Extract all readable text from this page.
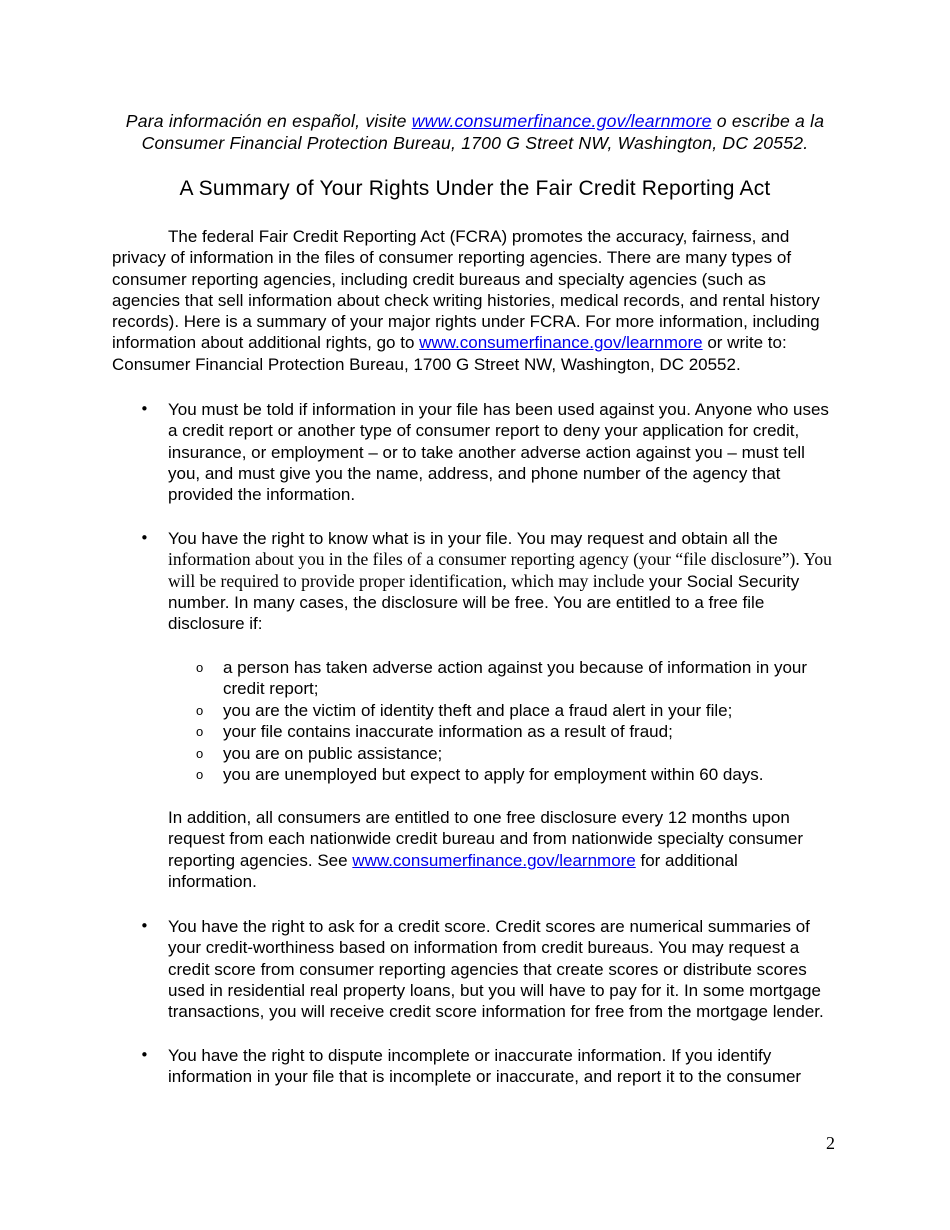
Para información en español, visite www.consumerfinance.gov/learnmore o escribe a la
Consumer Financial Protection Bureau, 1700 G Street NW, Washington, DC 20552.
A Summary of Your Rights Under the Fair Credit Reporting Act
The federal Fair Credit Reporting Act (FCRA) promotes the accuracy, fairness, and privacy of information in the files of consumer reporting agencies. There are many types of consumer reporting agencies, including credit bureaus and specialty agencies (such as agencies that sell information about check writing histories, medical records, and rental history records). Here is a summary of your major rights under FCRA. For more information, including information about additional rights, go to www.consumerfinance.gov/learnmore or write to: Consumer Financial Protection Bureau, 1700 G Street NW, Washington, DC 20552.
• You must be told if information in your file has been used against you. Anyone who uses a credit report or another type of consumer report to deny your application for credit, insurance, or employment – or to take another adverse action against you – must tell you, and must give you the name, address, and phone number of the agency that provided the information.
• You have the right to know what is in your file. You may request and obtain all the information about you in the files of a consumer reporting agency (your “file disclosure”). You will be required to provide proper identification, which may include your Social Security number. In many cases, the disclosure will be free. You are entitled to a free file disclosure if:
o a person has taken adverse action against you because of information in your credit report;
o you are the victim of identity theft and place a fraud alert in your file;
o your file contains inaccurate information as a result of fraud;
o you are on public assistance;
o you are unemployed but expect to apply for employment within 60 days.
In addition, all consumers are entitled to one free disclosure every 12 months upon request from each nationwide credit bureau and from nationwide specialty consumer reporting agencies. See www.consumerfinance.gov/learnmore for additional information.
• You have the right to ask for a credit score. Credit scores are numerical summaries of your credit-worthiness based on information from credit bureaus. You may request a credit score from consumer reporting agencies that create scores or distribute scores used in residential real property loans, but you will have to pay for it. In some mortgage transactions, you will receive credit score information for free from the mortgage lender.
• You have the right to dispute incomplete or inaccurate information. If you identify information in your file that is incomplete or inaccurate, and report it to the consumer
2
